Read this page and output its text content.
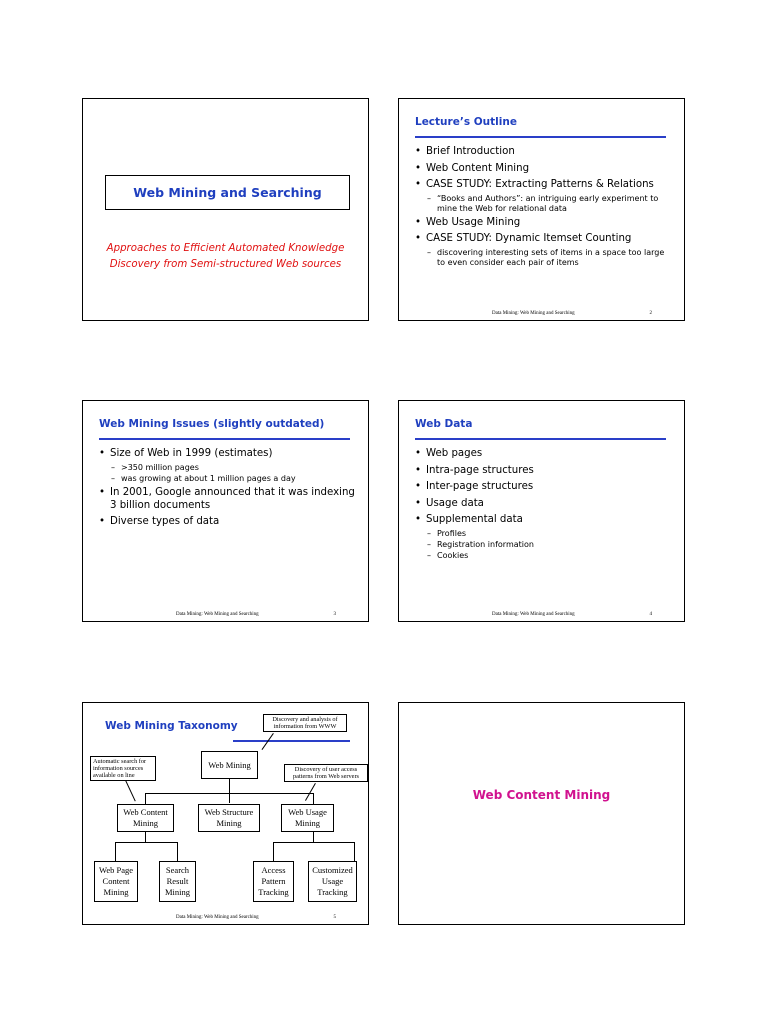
Web Mining and Searching
Approaches to Efficient Automated Knowledge
Discovery from Semi-structured Web sources
Lecture’s Outline
• Brief Introduction
• Web Content Mining
• CASE STUDY: Extracting Patterns & Relations
– “Books and Authors”: an intriguing early experiment to mine the Web for relational data
• Web Usage Mining
• CASE STUDY: Dynamic Itemset Counting
– discovering interesting sets of items in a space too large to even consider each pair of items
Data Mining: Web Mining and Searching	2
Web Mining Issues (slightly outdated)
• Size of Web in 1999 (estimates)
– >350 million pages
– was growing at about 1 million pages a day
• In 2001, Google announced that it was indexing 3 billion documents
• Diverse types of data
Data Mining: Web Mining and Searching	3
Web Data
• Web pages
• Intra-page structures
• Inter-page structures
• Usage data
• Supplemental data
– Profiles
– Registration information
– Cookies
Data Mining: Web Mining and Searching	4
Web Mining Taxonomy
Discovery and analysis of information from WWW
Automatic search for information sources available on line
Discovery of user access patterns from Web servers
Web Mining
Web Content Mining
Web Structure Mining
Web Usage Mining
Web Page Content Mining
Search Result Mining
Access Pattern Tracking
Customized Usage Tracking
Data Mining: Web Mining and Searching	5
Web Content Mining
